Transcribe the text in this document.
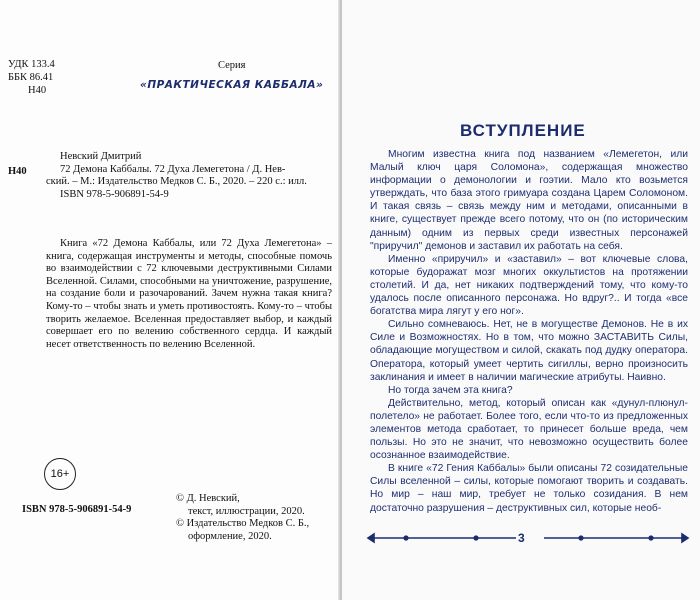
УДК 133.4
ББК 86.41
Н40
Серия
«ПРАКТИЧЕСКАЯ КАББАЛА»
Н40
Невский Дмитрий
72 Демона Каббалы. 72 Духа Лемегетона / Д. Нев-
ский. – М.: Издательство Медков С. Б., 2020. – 220 с.: илл.
ISBN 978-5-906891-54-9

Книга «72 Демона Каббалы, или 72 Духа Лемегетона» – книга, содержащая инструменты и методы, способные помочь во взаимодействии с 72 ключевыми деструктивными Силами Вселенной. Силами, способными на уничтожение, разрушение, на создание боли и разочарований. Зачем нужна такая книга? Кому-то – чтобы знать и уметь противостоять. Кому-то – чтобы творить желаемое. Вселенная предоставляет выбор, и каждый совершает его по велению собственного сердца. И каждый несет ответственность по велению Вселенной.

16+
© Д. Невский,
текст, иллюстрации, 2020.
© Издательство Медков С. Б.,
оформление, 2020.
ISBN 978-5-906891-54-9
ВСТУПЛЕНИЕ

Многим известна книга под названием «Лемегетон, или Малый ключ царя Соломона», содержащая множество информации о демонологии и гоэтии. Мало кто возьмется утверждать, что база этого гримуара создана Царем Соломоном. И такая связь – связь между ним и методами, описанными в книге, существует прежде всего потому, что он (по историческим данным) одним из первых среди известных персонажей "приручил" демонов и заставил их работать на себя.

Именно «приручил» и «заставил» – вот ключевые слова, которые будоражат мозг многих оккультистов на протяжении столетий. И да, нет никаких подтверждений тому, что кому-то удалось после описанного персонажа. Но вдруг?.. И тогда «все богатства мира лягут у его ног».

Сильно сомневаюсь. Нет, не в могуществе Демонов. Не в их Силе и Возможностях. Но в том, что можно ЗАСТАВИТЬ Силы, обладающие могуществом и силой, скакать под дудку оператора. Оператора, который умеет чертить сигиллы, верно произносить заклинания и имеет в наличии магические атрибуты. Наивно.

Но тогда зачем эта книга?

Действительно, метод, который описан как «дунул-плюнул-полетело» не работает. Более того, если что-то из предложенных элементов метода сработает, то принесет больше вреда, чем пользы. Но это не значит, что невозможно осуществить более осознанное взаимодействие.

В книге «72 Гения Каббалы» были описаны 72 созидательные Силы вселенной – силы, которые помогают творить и создавать. Но мир – наш мир, требует не только созидания. В нем достаточно разрушения – деструктивных сил, которые необ-

3
